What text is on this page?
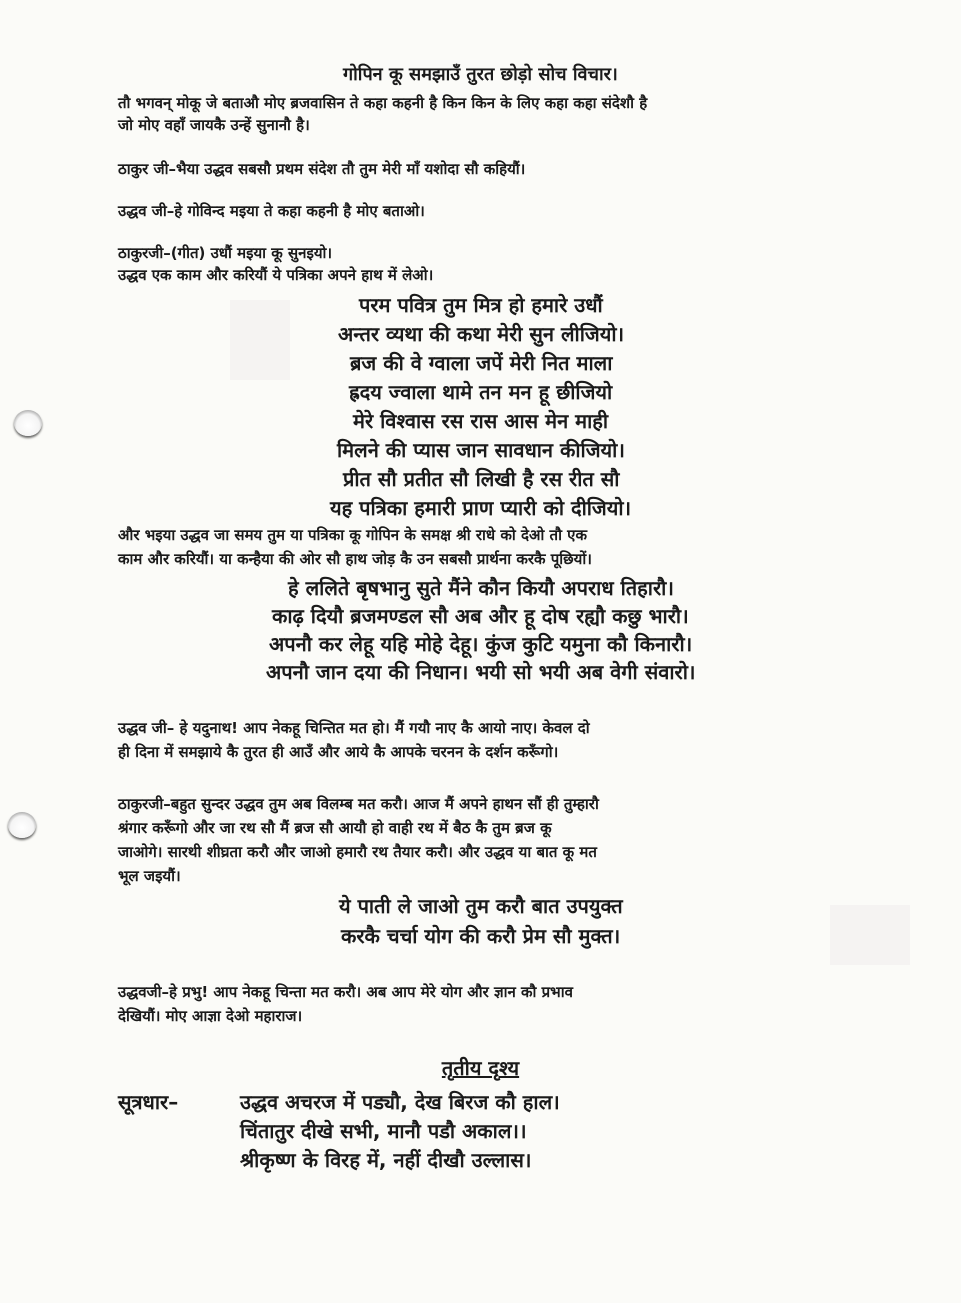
गोपिन कू समझाउँ तुरत छोड़ो सोच विचार।
तौ भगवन् मोकू जे बताऔ मोए ब्रजवासिन ते कहा कहनी है किन किन के लिए कहा कहा संदेशौ है
जो मोए वहाँ जायकै उन्हें सुनानौ है।
ठाकुर जी–भैया उद्धव सबसौ प्रथम संदेश तौ तुम मेरी माँ यशोदा सौ कहियौं।
उद्धव जी–हे गोविन्द मइया ते कहा कहनी है मोए बताओ।
ठाकुरजी–(गीत) उधौं मइया कू सुनइयो।
उद्धव एक काम और करियौं ये पत्रिका अपने हाथ में लेओ।
परम पवित्र तुम मित्र हो हमारे उधौं
अन्तर व्यथा की कथा मेरी सुन लीजियो।
ब्रज की वे ग्वाला जपें मेरी नित माला
ह्रदय ज्वाला थामे तन मन हू छीजियो
मेरे विश्वास रस रास आस मेन माही
मिलने की प्यास जान सावधान कीजियो।
प्रीत सौ प्रतीत सौ लिखी है रस रीत सौ
यह पत्रिका हमारी प्राण प्यारी को दीजियो।
और भइया उद्धव जा समय तुम या पत्रिका कू गोपिन के समक्ष श्री राधे को देओ तौ एक
काम और करियौं। या कन्हैया की ओर सौ हाथ जोड़ कै उन सबसौ प्रार्थना करकै पूछियों।
हे ललिते बृषभानु सुते मैंने कौन कियौ अपराध तिहारौ।
काढ़ दियौ ब्रजमण्डल सौ अब और हू दोष रह्यौ कछु भारौ।
अपनौ कर लेहू यहि मोहे देहू। कुंज कुटि यमुना कौ किनारौ।
अपनौ जान दया की निधान। भयी सो भयी अब वेगी संवारो।
उद्धव जी– हे यदुनाथ! आप नेकहू चिन्तित मत हो। मैं गयौ नाए कै आयो नाए। केवल दो
ही दिना में समझाये कै तुरत ही आउँ और आये कै आपके चरनन के दर्शन करूँगो।
ठाकुरजी–बहुत सुन्दर उद्धव तुम अब विलम्ब मत करौ। आज मैं अपने हाथन सौं ही तुम्हारौ
श्रंगार करूँगो और जा रथ सौ मैं ब्रज सौ आयौ हो वाही रथ में बैठ कै तुम ब्रज कू
जाओगे। सारथी शीघ्रता करौ और जाओ हमारौ रथ तैयार करौ। और उद्धव या बात कू मत
भूल जइयौं।
ये पाती ले जाओ तुम करौ बात उपयुक्त
करकै चर्चा योग की करौ प्रेम सौ मुक्त।
उद्धवजी–हे प्रभु! आप नेकहू चिन्ता मत करौ। अब आप मेरे योग और ज्ञान कौ प्रभाव
देखियौं। मोए आज्ञा देओ महाराज।
तृतीय दृश्य
सूत्रधार–	उद्धव अचरज में पड्यौ, देख बिरज कौ हाल।
चिंतातुर दीखे सभी, मानौ पडौ अकाल।।
श्रीकृष्ण के विरह में, नहीं दीखौ उल्लास।
